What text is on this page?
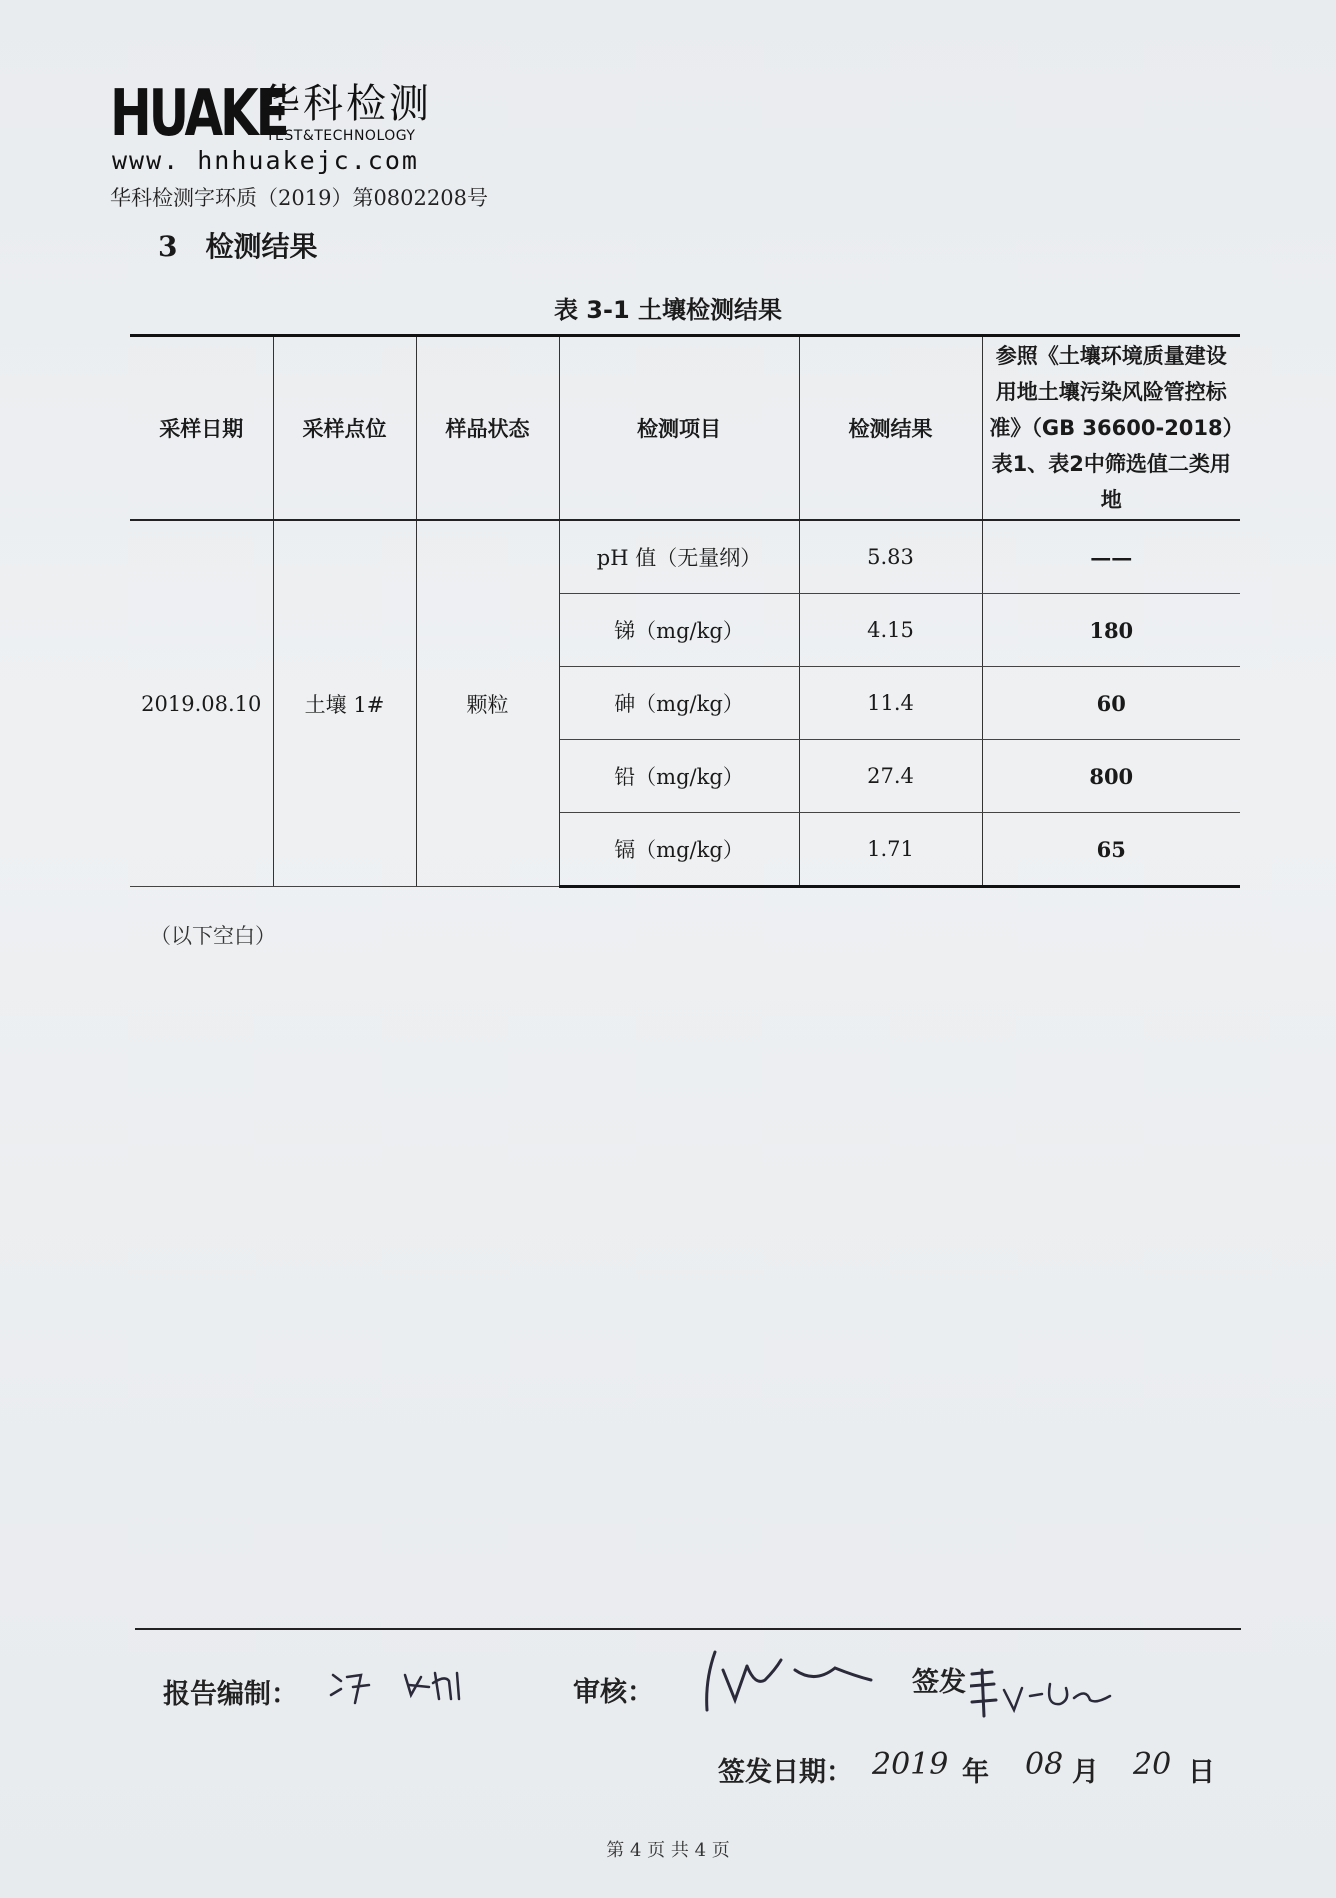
HUAKE
华科检测
TEST&TECHNOLOGY
www. hnhuakejc.com
华科检测字环质（2019）第0802208号
3 检测结果
表 3-1 土壤检测结果
采样日期	采样点位	样品状态	检测项目	检测结果	参照《土壤环境质量建设用地土壤污染风险管控标准》（GB 36600-2018）表1、表2中筛选值二类用地
2019.08.10	土壤 1#	颗粒	pH 值（无量纲）	5.83	——
			锑（mg/kg）	4.15	180
			砷（mg/kg）	11.4	60
			铅（mg/kg）	27.4	800
			镉（mg/kg）	1.71	65
（以下空白）
报告编制：	审核：	签发
签发日期： 2019 年 08 月 20 日
第 4 页 共 4 页
